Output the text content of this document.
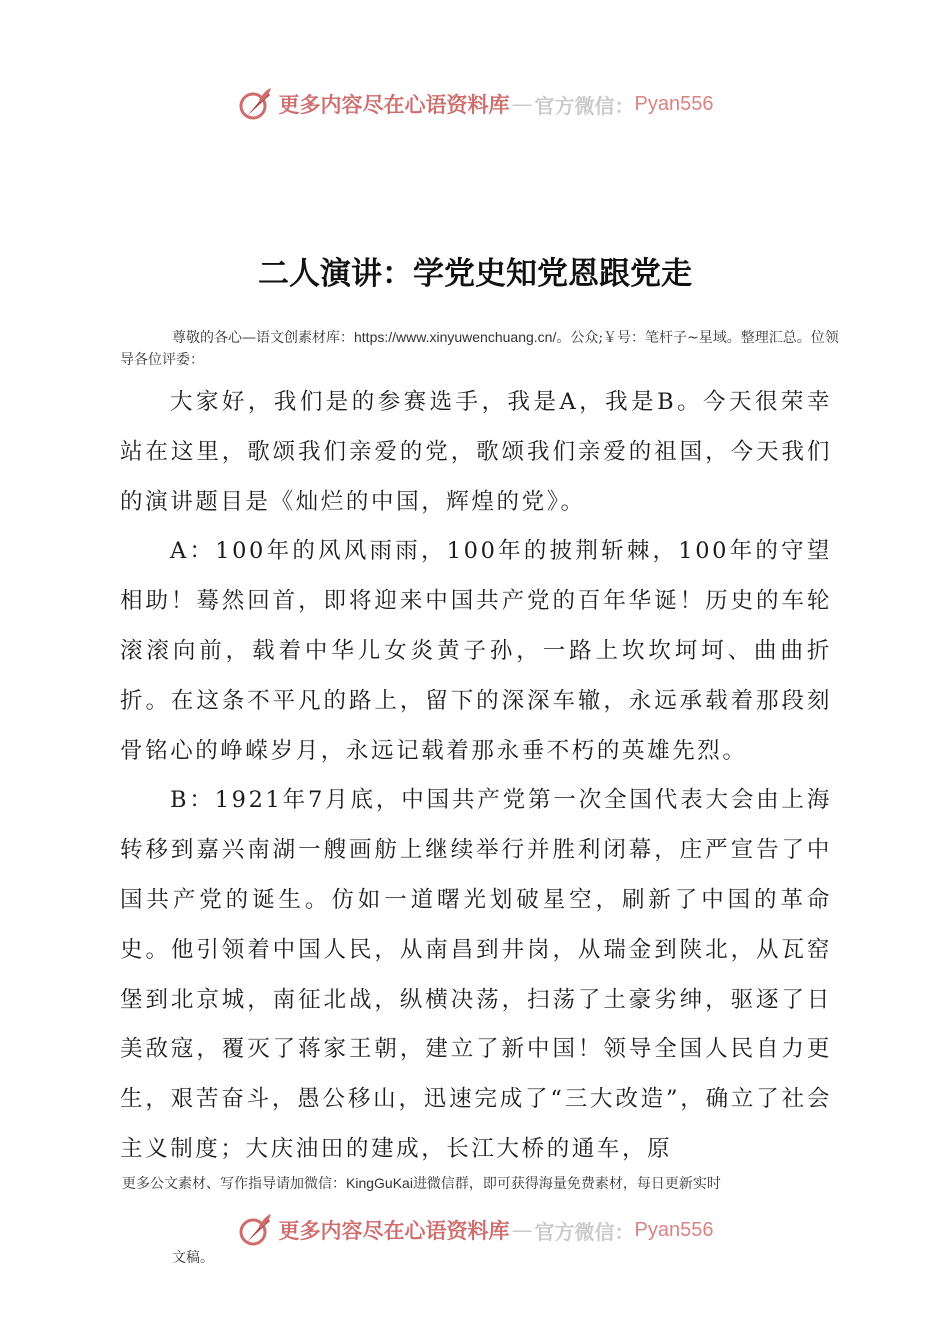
更多内容尽在心语资料库 — 官方微信： Pyan556
二人演讲：学党史知党恩跟党走
尊敬的各心—语文创素材库：https://www.xinyuwenchuang.cn/。公众;￥号：笔杆子~星域。整理汇总。位领导各位评委：

大家好，我们是的参赛选手，我是A，我是B。今天很荣幸站在这里，歌颂我们亲爱的党，歌颂我们亲爱的祖国，今天我们的演讲题目是《灿烂的中国，辉煌的党》。

A：100年的风风雨雨，100年的披荆斩棘，100年的守望相助！蓦然回首，即将迎来中国共产党的百年华诞！历史的车轮滚滚向前，载着中华儿女炎黄子孙，一路上坎坎坷坷、曲曲折折。在这条不平凡的路上，留下的深深车辙，永远承载着那段刻骨铭心的峥嵘岁月，永远记载着那永垂不朽的英雄先烈。

B：1921年7月底，中国共产党第一次全国代表大会由上海转移到嘉兴南湖一艘画舫上继续举行并胜利闭幕，庄严宣告了中国共产党的诞生。仿如一道曙光划破星空，刷新了中国的革命史。他引领着中国人民，从南昌到井岗，从瑞金到陕北，从瓦窑堡到北京城，南征北战，纵横决荡，扫荡了土豪劣绅，驱逐了日美敌寇，覆灭了蒋家王朝，建立了新中国！领导全国人民自力更生，艰苦奋斗，愚公移山，迅速完成了“三大改造”，确立了社会主义制度；大庆油田的建成，长江大桥的通车，原

更多公文素材、写作指导请加微信：KingGuKai进微信群，即可获得海量免费素材，每日更新实时
更多内容尽在心语资料库 — 官方微信： Pyan556
文稿。
